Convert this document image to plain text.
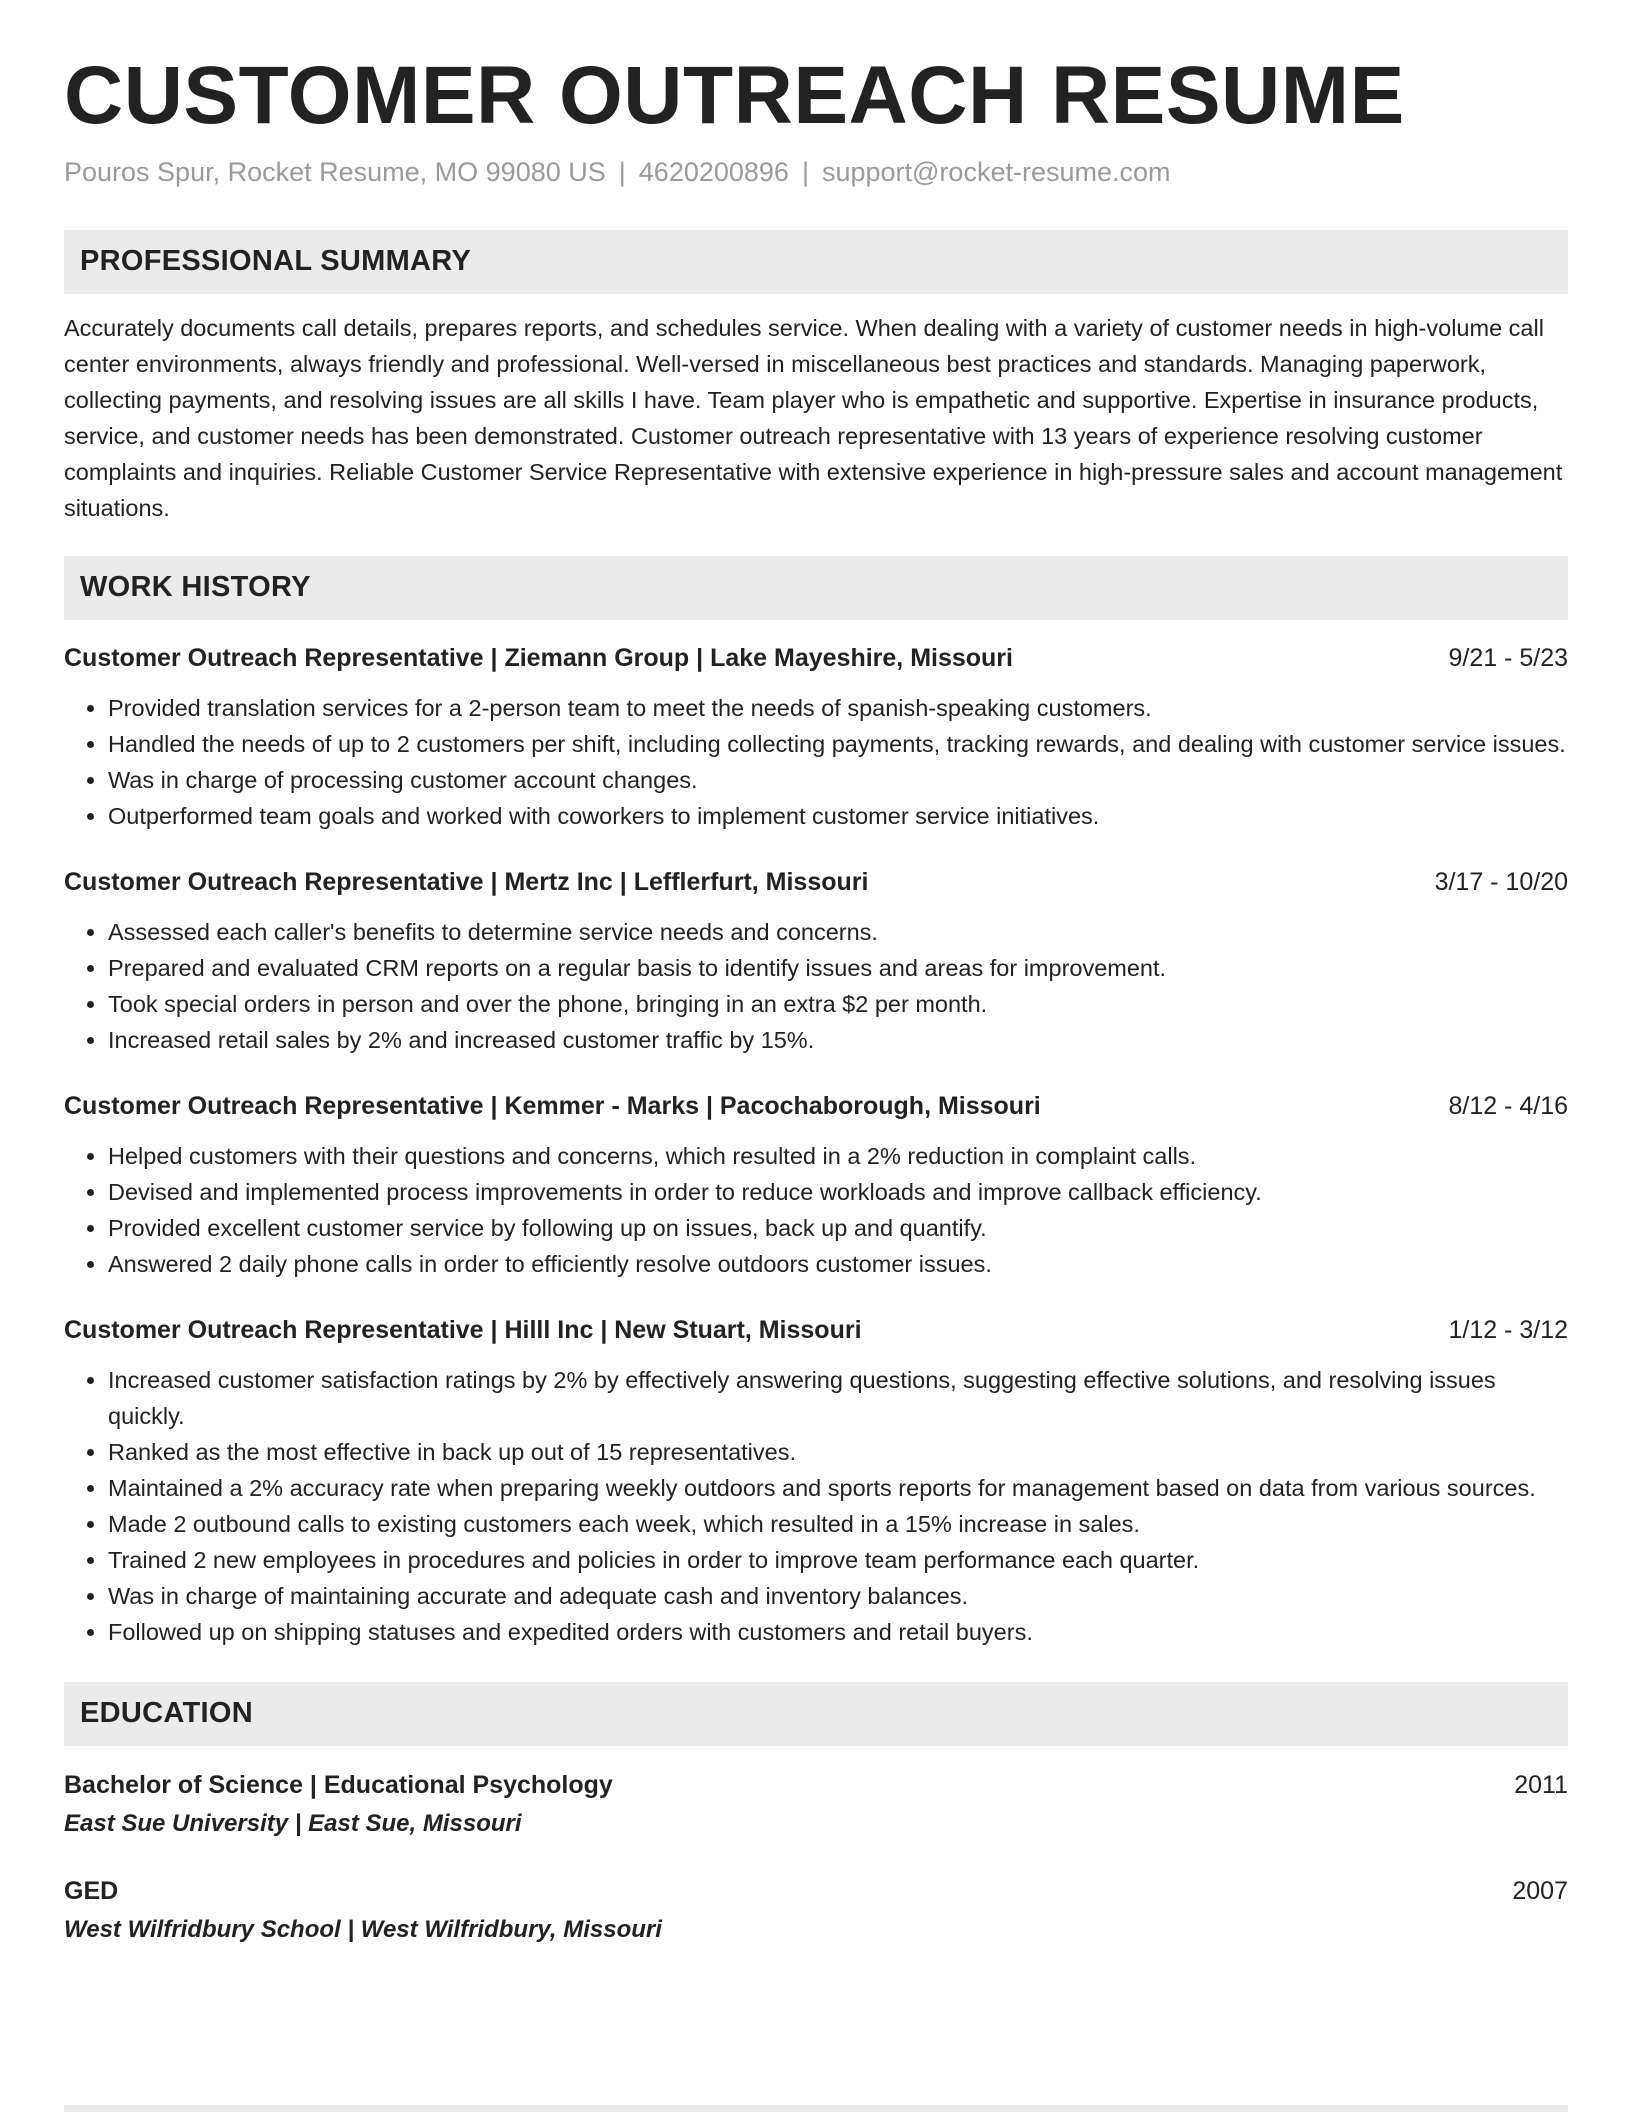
CUSTOMER OUTREACH RESUME
Pouros Spur, Rocket Resume, MO 99080 US | 4620200896 | support@rocket-resume.com
PROFESSIONAL SUMMARY
Accurately documents call details, prepares reports, and schedules service. When dealing with a variety of customer needs in high-volume call center environments, always friendly and professional. Well-versed in miscellaneous best practices and standards. Managing paperwork, collecting payments, and resolving issues are all skills I have. Team player who is empathetic and supportive. Expertise in insurance products, service, and customer needs has been demonstrated. Customer outreach representative with 13 years of experience resolving customer complaints and inquiries. Reliable Customer Service Representative with extensive experience in high-pressure sales and account management situations.
WORK HISTORY
Customer Outreach Representative | Ziemann Group | Lake Mayeshire, Missouri	9/21 - 5/23
• Provided translation services for a 2-person team to meet the needs of spanish-speaking customers.
• Handled the needs of up to 2 customers per shift, including collecting payments, tracking rewards, and dealing with customer service issues.
• Was in charge of processing customer account changes.
• Outperformed team goals and worked with coworkers to implement customer service initiatives.
Customer Outreach Representative | Mertz Inc | Lefflerfurt, Missouri	3/17 - 10/20
• Assessed each caller's benefits to determine service needs and concerns.
• Prepared and evaluated CRM reports on a regular basis to identify issues and areas for improvement.
• Took special orders in person and over the phone, bringing in an extra $2 per month.
• Increased retail sales by 2% and increased customer traffic by 15%.
Customer Outreach Representative | Kemmer - Marks | Pacochaborough, Missouri	8/12 - 4/16
• Helped customers with their questions and concerns, which resulted in a 2% reduction in complaint calls.
• Devised and implemented process improvements in order to reduce workloads and improve callback efficiency.
• Provided excellent customer service by following up on issues, back up and quantify.
• Answered 2 daily phone calls in order to efficiently resolve outdoors customer issues.
Customer Outreach Representative | Hilll Inc | New Stuart, Missouri	1/12 - 3/12
• Increased customer satisfaction ratings by 2% by effectively answering questions, suggesting effective solutions, and resolving issues quickly.
• Ranked as the most effective in back up out of 15 representatives.
• Maintained a 2% accuracy rate when preparing weekly outdoors and sports reports for management based on data from various sources.
• Made 2 outbound calls to existing customers each week, which resulted in a 15% increase in sales.
• Trained 2 new employees in procedures and policies in order to improve team performance each quarter.
• Was in charge of maintaining accurate and adequate cash and inventory balances.
• Followed up on shipping statuses and expedited orders with customers and retail buyers.
EDUCATION
Bachelor of Science | Educational Psychology	2011
East Sue University | East Sue, Missouri
GED	2007
West Wilfridbury School | West Wilfridbury, Missouri
